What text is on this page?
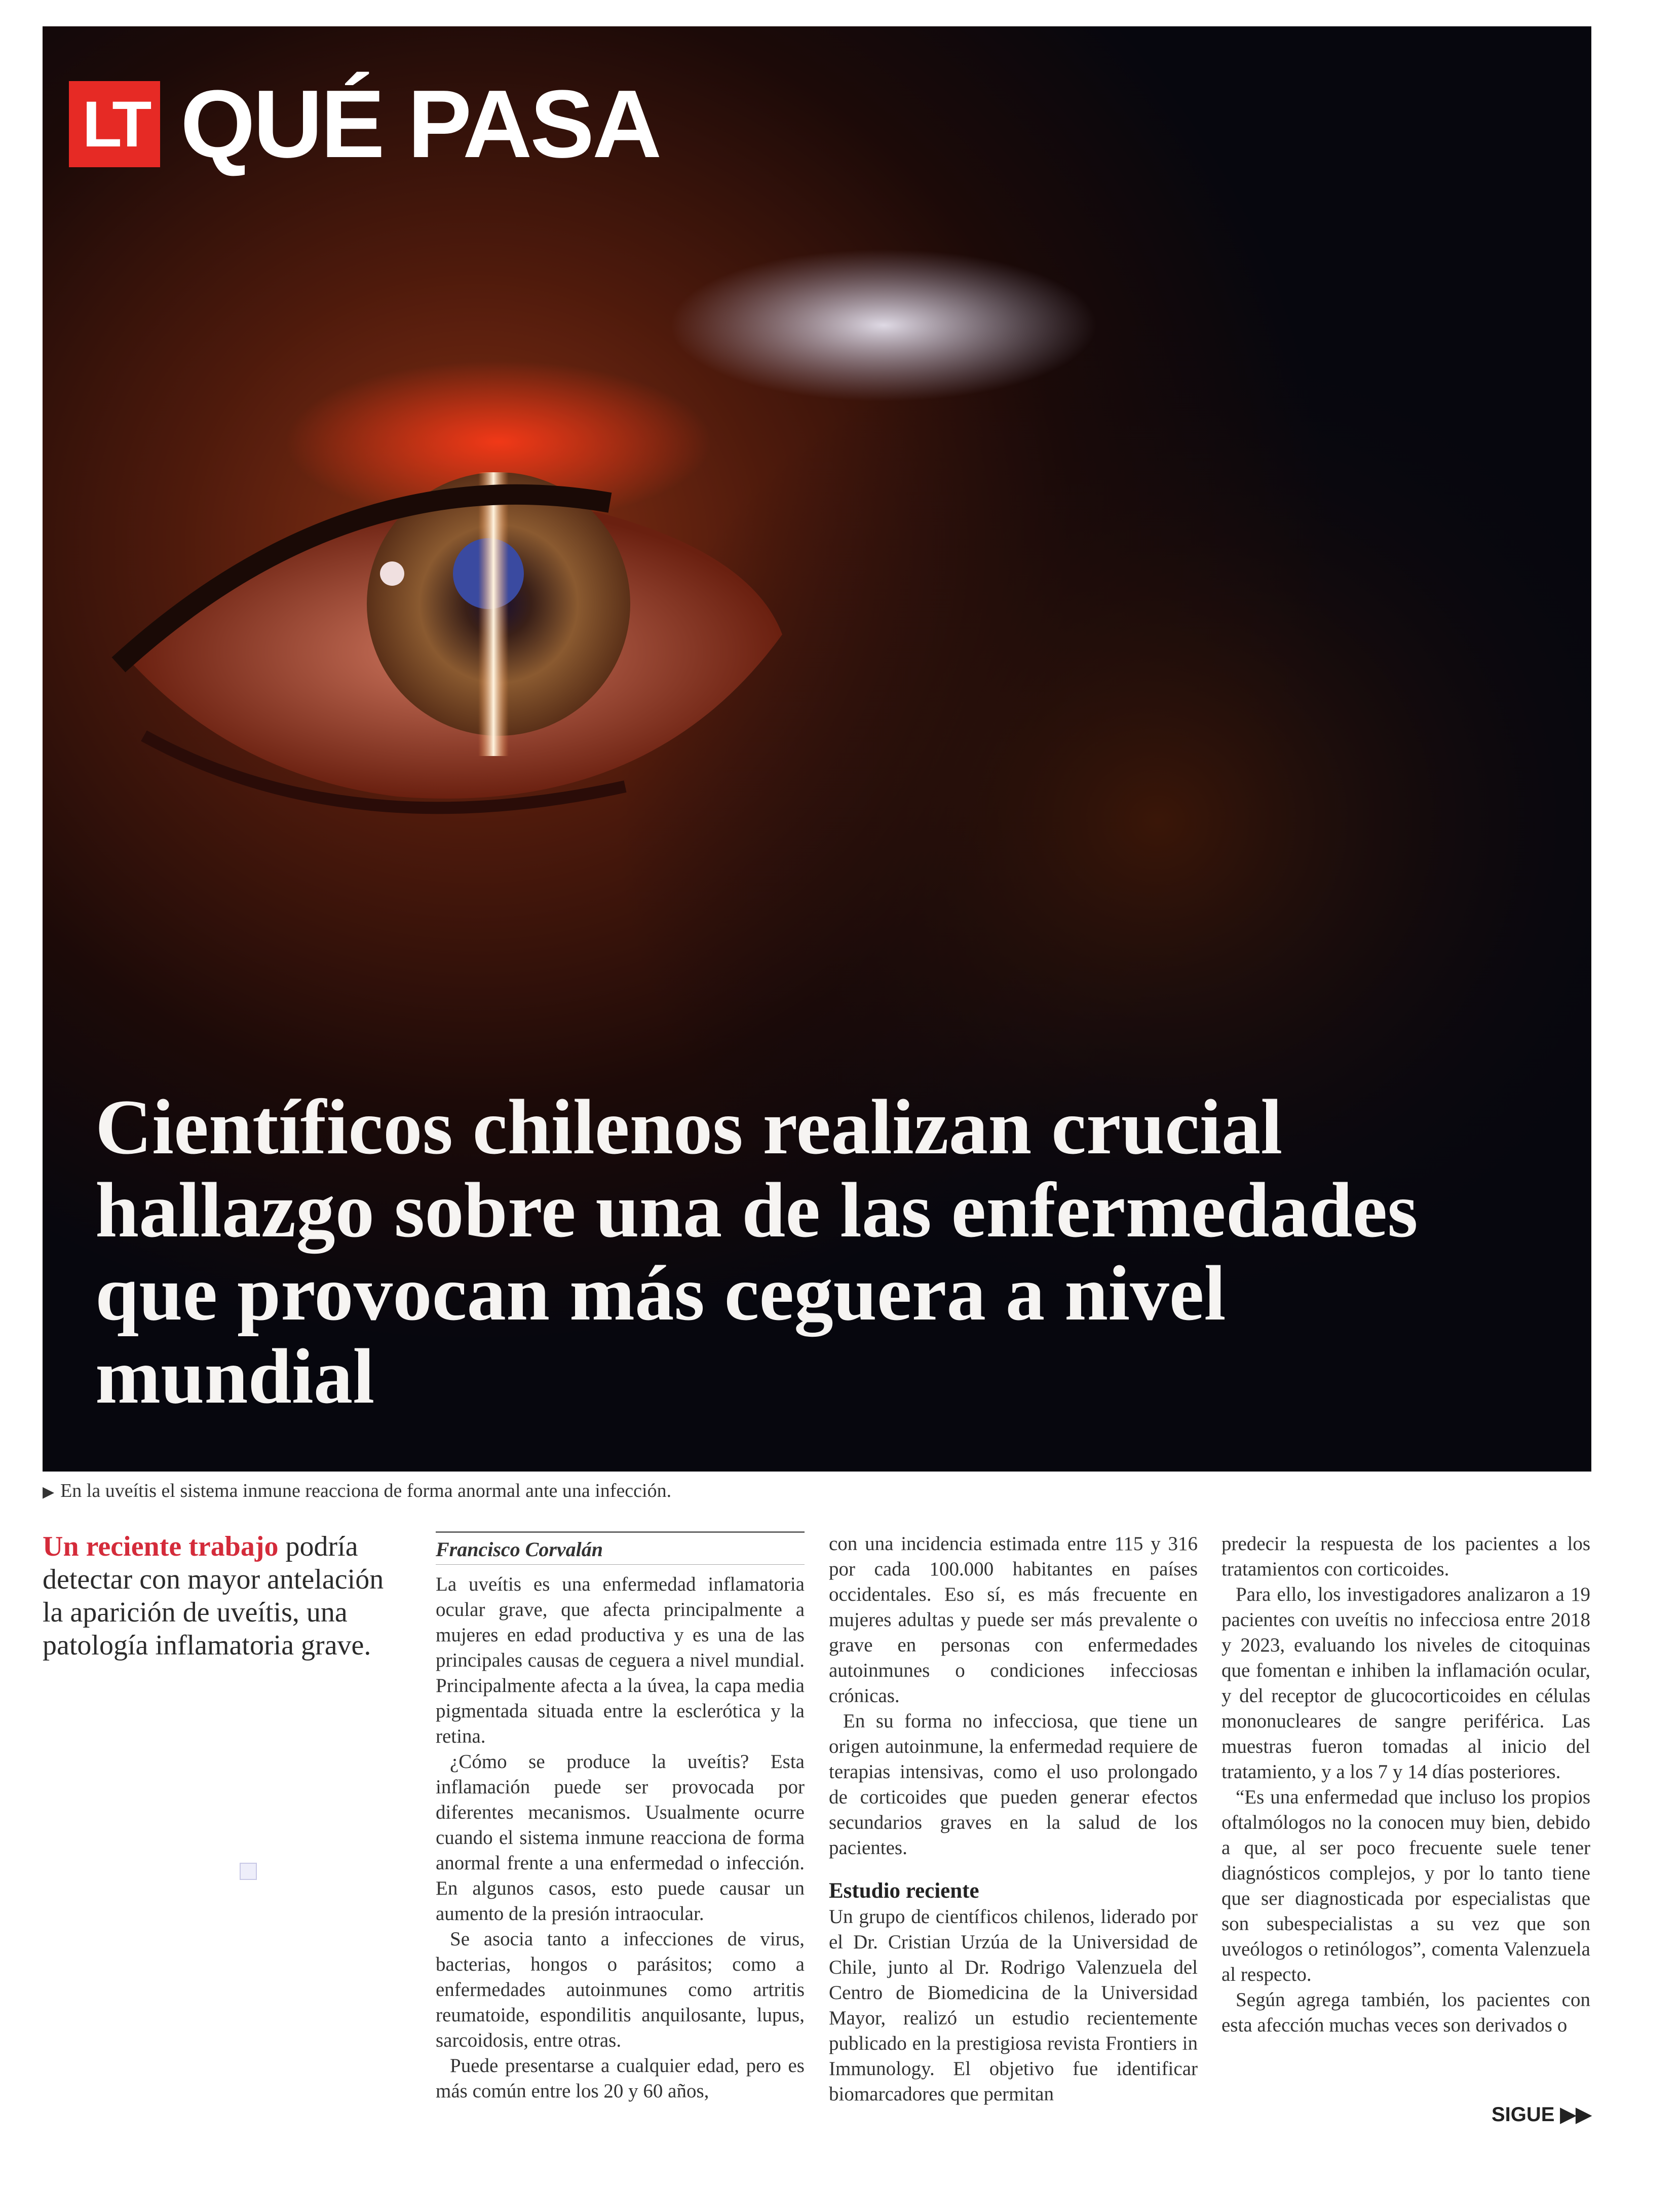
LT QUÉ PASA
Científicos chilenos realizan crucial hallazgo sobre una de las enfermedades que provocan más ceguera a nivel mundial
▶ En la uveítis el sistema inmune reacciona de forma anormal ante una infección.
Un reciente trabajo podría detectar con mayor antelación la aparición de uveítis, una patología inflamatoria grave.
Francisco Corvalán

La uveítis es una enfermedad inflamatoria ocular grave, que afecta principalmente a mujeres en edad productiva y es una de las principales causas de ceguera a nivel mundial. Principalmente afecta a la úvea, la capa media pigmentada situada entre la esclerótica y la retina.

¿Cómo se produce la uveítis? Esta inflamación puede ser provocada por diferentes mecanismos. Usualmente ocurre cuando el sistema inmune reacciona de forma anormal frente a una enfermedad o infección. En algunos casos, esto puede causar un aumento de la presión intraocular.

Se asocia tanto a infecciones de virus, bacterias, hongos o parásitos; como a enfermedades autoinmunes como artritis reumatoide, espondilitis anquilosante, lupus, sarcoidosis, entre otras.

Puede presentarse a cualquier edad, pero es más común entre los 20 y 60 años,

con una incidencia estimada entre 115 y 316 por cada 100.000 habitantes en países occidentales. Eso sí, es más frecuente en mujeres adultas y puede ser más prevalente o grave en personas con enfermedades autoinmunes o condiciones infecciosas crónicas.

En su forma no infecciosa, que tiene un origen autoinmune, la enfermedad requiere de terapias intensivas, como el uso prolongado de corticoides que pueden generar efectos secundarios graves en la salud de los pacientes.

Estudio reciente

Un grupo de científicos chilenos, liderado por el Dr. Cristian Urzúa de la Universidad de Chile, junto al Dr. Rodrigo Valenzuela del Centro de Biomedicina de la Universidad Mayor, realizó un estudio recientemente publicado en la prestigiosa revista Frontiers in Immunology. El objetivo fue identificar biomarcadores que permitan

predecir la respuesta de los pacientes a los tratamientos con corticoides.

Para ello, los investigadores analizaron a 19 pacientes con uveítis no infecciosa entre 2018 y 2023, evaluando los niveles de citoquinas que fomentan e inhiben la inflamación ocular, y del receptor de glucocorticoides en células mononucleares de sangre periférica. Las muestras fueron tomadas al inicio del tratamiento, y a los 7 y 14 días posteriores.

“Es una enfermedad que incluso los propios oftalmólogos no la conocen muy bien, debido a que, al ser poco frecuente suele tener diagnósticos complejos, y por lo tanto tiene que ser diagnosticada por especialistas que son subespecialistas a su vez que son uveólogos o retinólogos”, comenta Valenzuela al respecto.

Según agrega también, los pacientes con esta afección muchas veces son derivados o

SIGUE ▶▶
